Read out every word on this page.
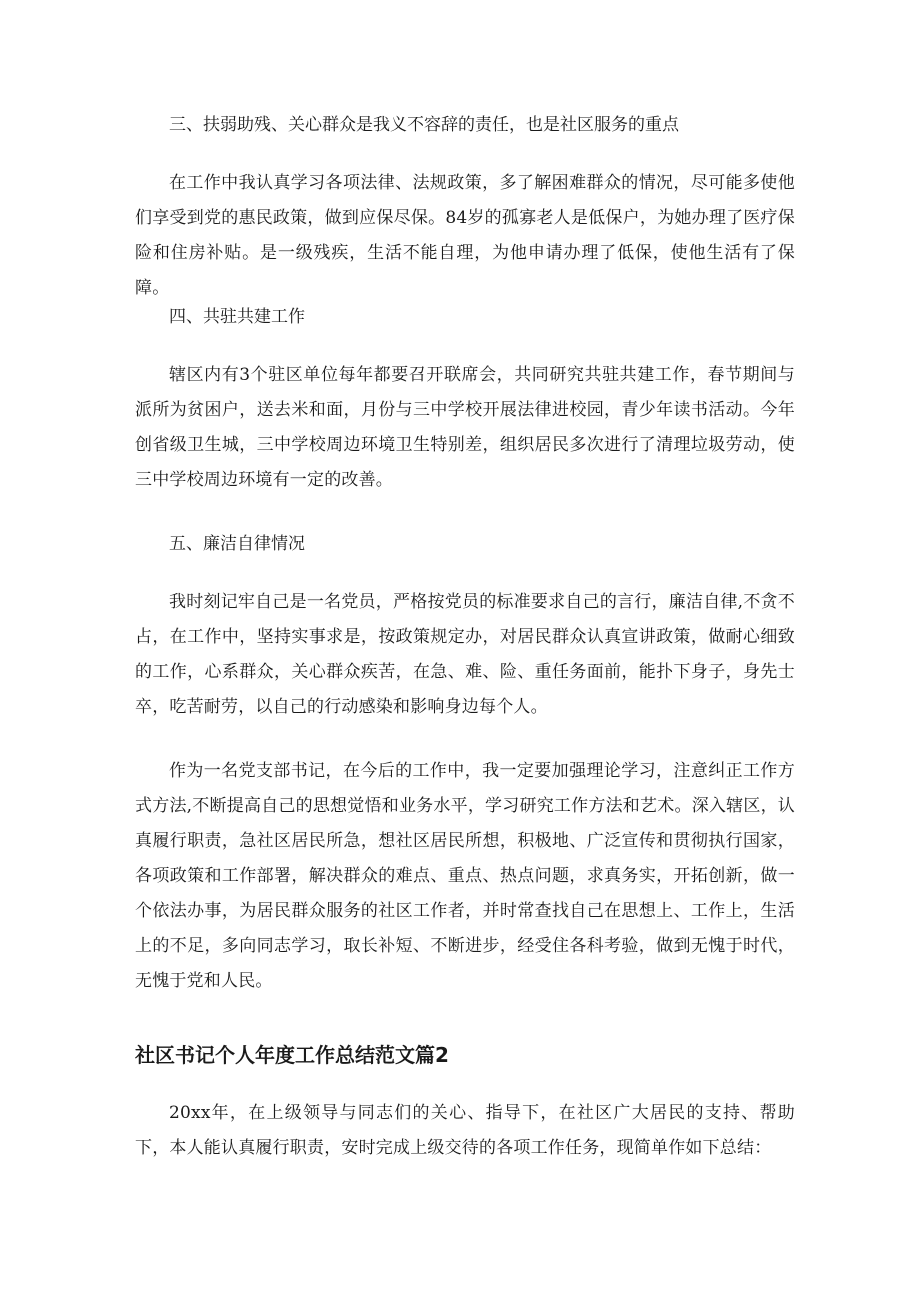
三、扶弱助残、关心群众是我义不容辞的责任，也是社区服务的重点

在工作中我认真学习各项法律、法规政策，多了解困难群众的情况，尽可能多使他们享受到党的惠民政策，做到应保尽保。84岁的孤寡老人是低保户，为她办理了医疗保险和住房补贴。是一级残疾，生活不能自理，为他申请办理了低保，使他生活有了保障。

四、共驻共建工作

辖区内有3个驻区单位每年都要召开联席会，共同研究共驻共建工作，春节期间与派所为贫困户，送去米和面，月份与三中学校开展法律进校园，青少年读书活动。今年创省级卫生城，三中学校周边环境卫生特别差，组织居民多次进行了清理垃圾劳动，使三中学校周边环境有一定的改善。

五、廉洁自律情况

我时刻记牢自己是一名党员，严格按党员的标准要求自己的言行，廉洁自律,不贪不占，在工作中，坚持实事求是，按政策规定办，对居民群众认真宣讲政策，做耐心细致的工作，心系群众，关心群众疾苦，在急、难、险、重任务面前，能扑下身子，身先士卒，吃苦耐劳，以自己的行动感染和影响身边每个人。

作为一名党支部书记，在今后的工作中，我一定要加强理论学习，注意纠正工作方式方法,不断提高自己的思想觉悟和业务水平，学习研究工作方法和艺术。深入辖区，认真履行职责，急社区居民所急，想社区居民所想，积极地、广泛宣传和贯彻执行国家，各项政策和工作部署，解决群众的难点、重点、热点问题，求真务实，开拓创新，做一个依法办事，为居民群众服务的社区工作者，并时常查找自己在思想上、工作上，生活上的不足，多向同志学习，取长补短、不断进步，经受住各科考验，做到无愧于时代，无愧于党和人民。

社区书记个人年度工作总结范文篇2

20xx年，在上级领导与同志们的关心、指导下，在社区广大居民的支持、帮助下，本人能认真履行职责，安时完成上级交待的各项工作任务，现简单作如下总结：
